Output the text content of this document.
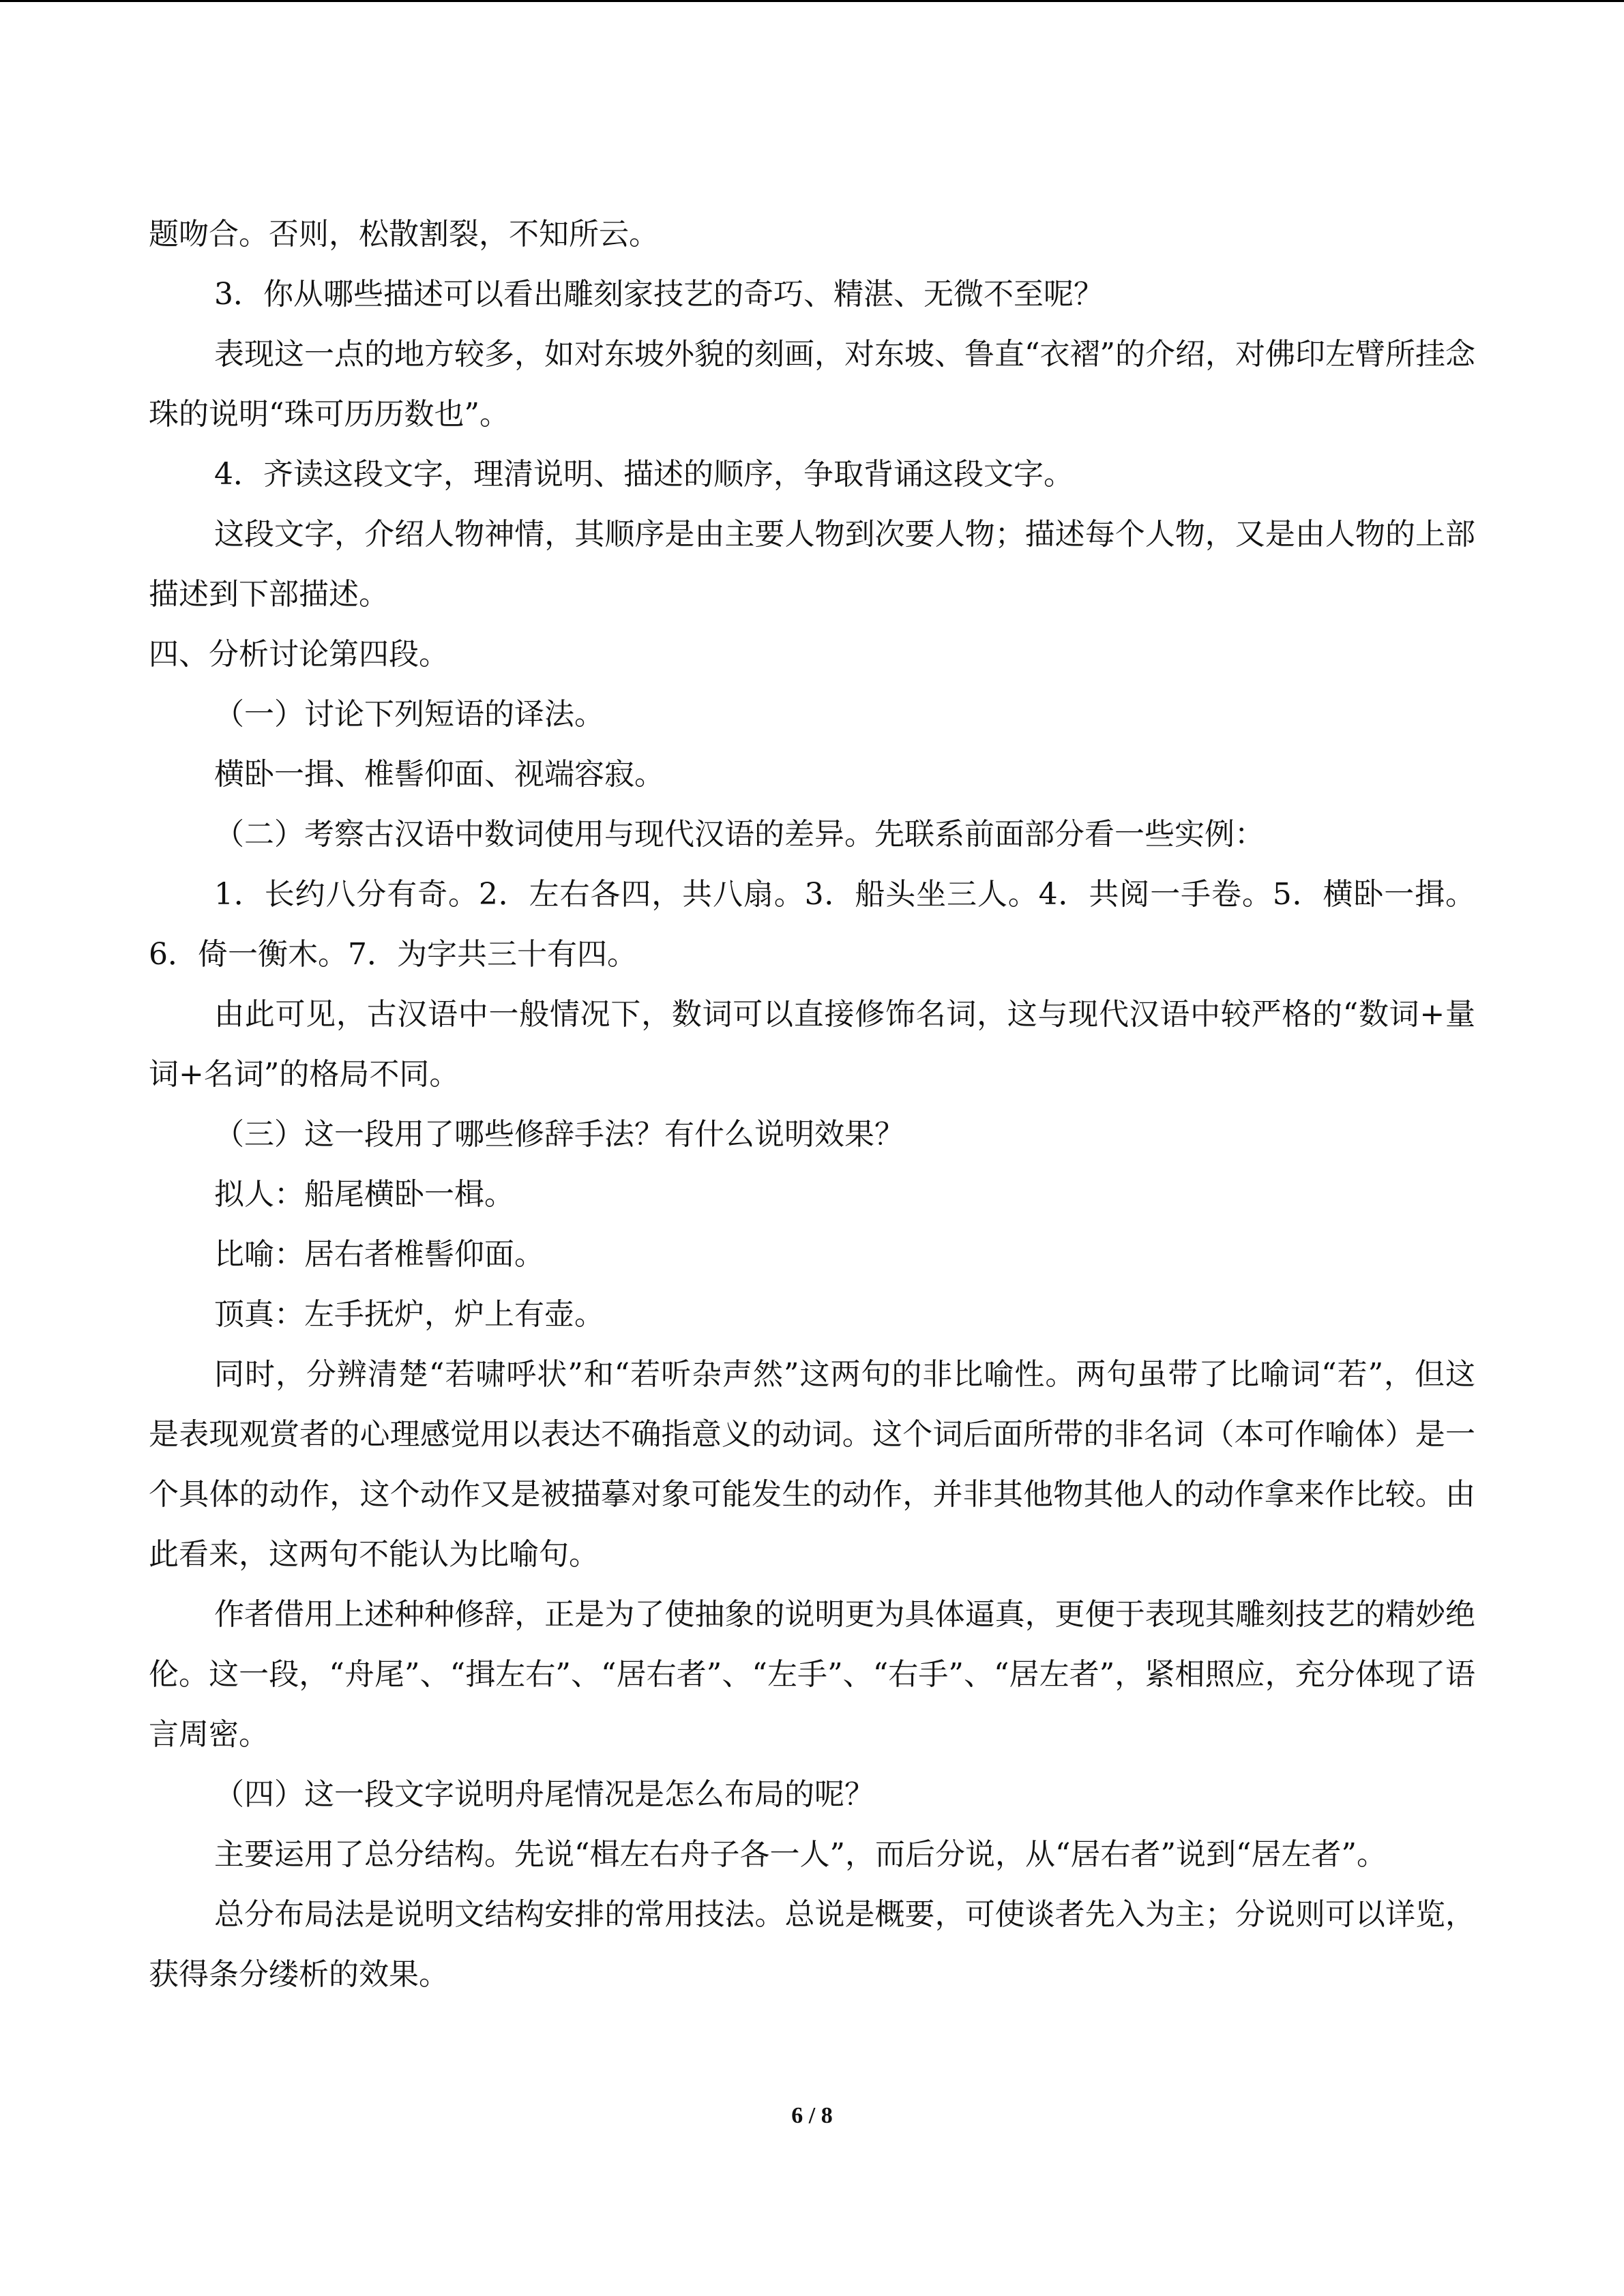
题吻合。否则，松散割裂，不知所云。

3．你从哪些描述可以看出雕刻家技艺的奇巧、精湛、无微不至呢？

表现这一点的地方较多，如对东坡外貌的刻画，对东坡、鲁直“衣褶”的介绍，对佛印左臂所挂念珠的说明“珠可历历数也”。

4．齐读这段文字，理清说明、描述的顺序，争取背诵这段文字。

这段文字，介绍人物神情，其顺序是由主要人物到次要人物；描述每个人物，又是由人物的上部描述到下部描述。

四、分析讨论第四段。

（一）讨论下列短语的译法。

横卧一揖、椎髻仰面、视端容寂。

（二）考察古汉语中数词使用与现代汉语的差异。先联系前面部分看一些实例：

1．长约八分有奇。2．左右各四，共八扇。3．船头坐三人。4．共阅一手卷。5．横卧一揖。6．倚一衡木。7．为字共三十有四。

由此可见，古汉语中一般情况下，数词可以直接修饰名词，这与现代汉语中较严格的“数词+量词+名词”的格局不同。

（三）这一段用了哪些修辞手法？有什么说明效果？

拟人：船尾横卧一楫。

比喻：居右者椎髻仰面。

顶真：左手抚炉，炉上有壶。

同时，分辨清楚“若啸呼状”和“若听杂声然”这两句的非比喻性。两句虽带了比喻词“若”，但这是表现观赏者的心理感觉用以表达不确指意义的动词。这个词后面所带的非名词（本可作喻体）是一个具体的动作，这个动作又是被描摹对象可能发生的动作，并非其他物其他人的动作拿来作比较。由此看来，这两句不能认为比喻句。

作者借用上述种种修辞，正是为了使抽象的说明更为具体逼真，更便于表现其雕刻技艺的精妙绝伦。这一段，“舟尾”、“揖左右”、“居右者”、“左手”、“右手”、“居左者”，紧相照应，充分体现了语言周密。

（四）这一段文字说明舟尾情况是怎么布局的呢？

主要运用了总分结构。先说“楫左右舟子各一人”，而后分说，从“居右者”说到“居左者”。

总分布局法是说明文结构安排的常用技法。总说是概要，可使谈者先入为主；分说则可以详览，获得条分缕析的效果。

6 / 8
